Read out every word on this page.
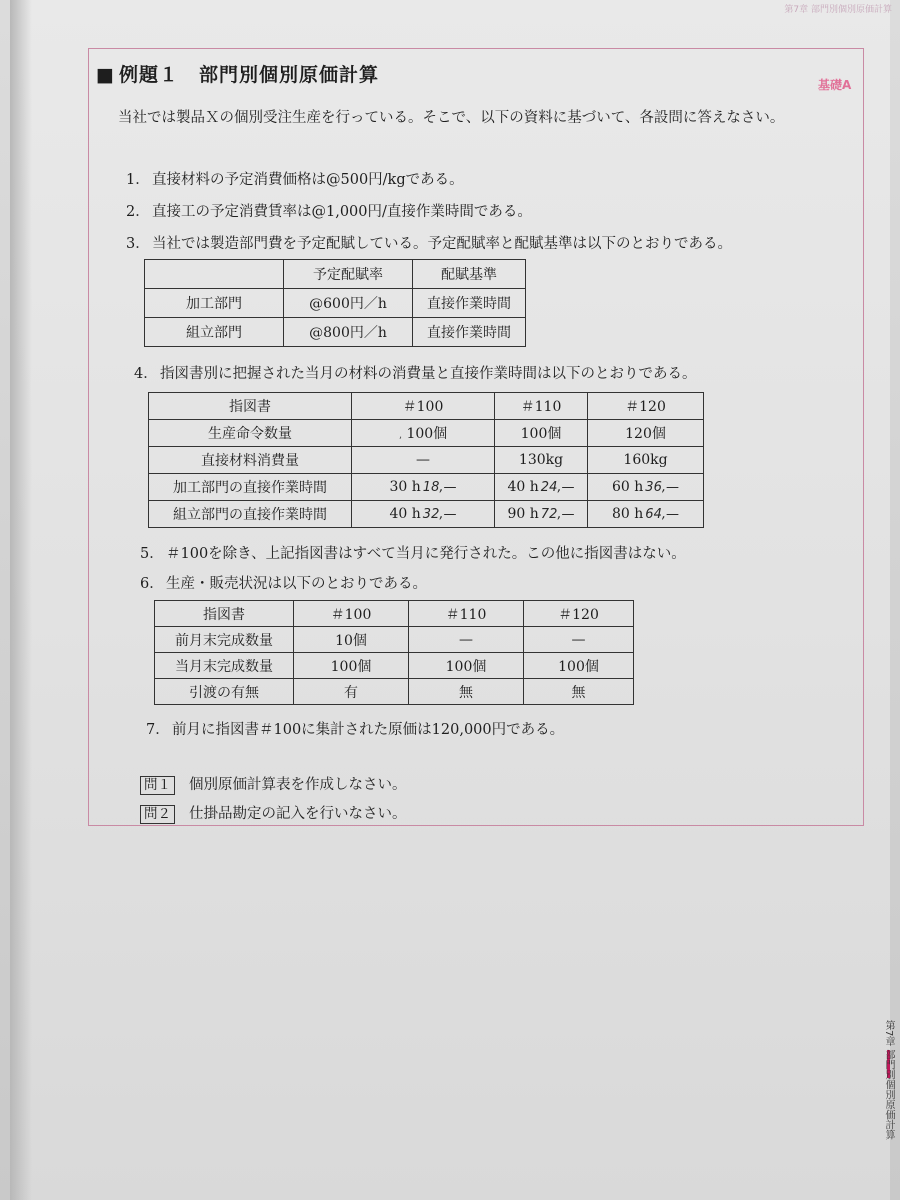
第7章 部門別個別原価計算
第7章 部門別個別原価計算
■ 例題１　部門別個別原価計算	基礎A
当社では製品Ｘの個別受注生産を行っている。そこで、以下の資料に基づいて、各設問に答えなさい。
1． 直接材料の予定消費価格は@500円/kgである。
2． 直接工の予定消費賃率は@1,000円/直接作業時間である。
3． 当社では製造部門費を予定配賦している。予定配賦率と配賦基準は以下のとおりである。
	予定配賦率	配賦基準
加工部門	@600円／h	直接作業時間
組立部門	@800円／h	直接作業時間
4． 指図書別に把握された当月の材料の消費量と直接作業時間は以下のとおりである。
指図書	＃100	＃110	＃120
生産命令数量	, 100個	100個	120個
直接材料消費量	—	130kg	160kg
加工部門の直接作業時間	30 h 18,—	40 h 24,—	60 h 36,—
組立部門の直接作業時間	40 h 32,—	90 h 72,—	80 h 64,—
5． ＃100を除き、上記指図書はすべて当月に発行された。この他に指図書はない。
6． 生産・販売状況は以下のとおりである。
指図書	＃100	＃110	＃120
前月末完成数量	10個	—	—
当月末完成数量	100個	100個	100個
引渡の有無	有	無	無
7． 前月に指図書＃100に集計された原価は120,000円である。
問１ 個別原価計算表を作成しなさい。
問２ 仕掛品勘定の記入を行いなさい。
